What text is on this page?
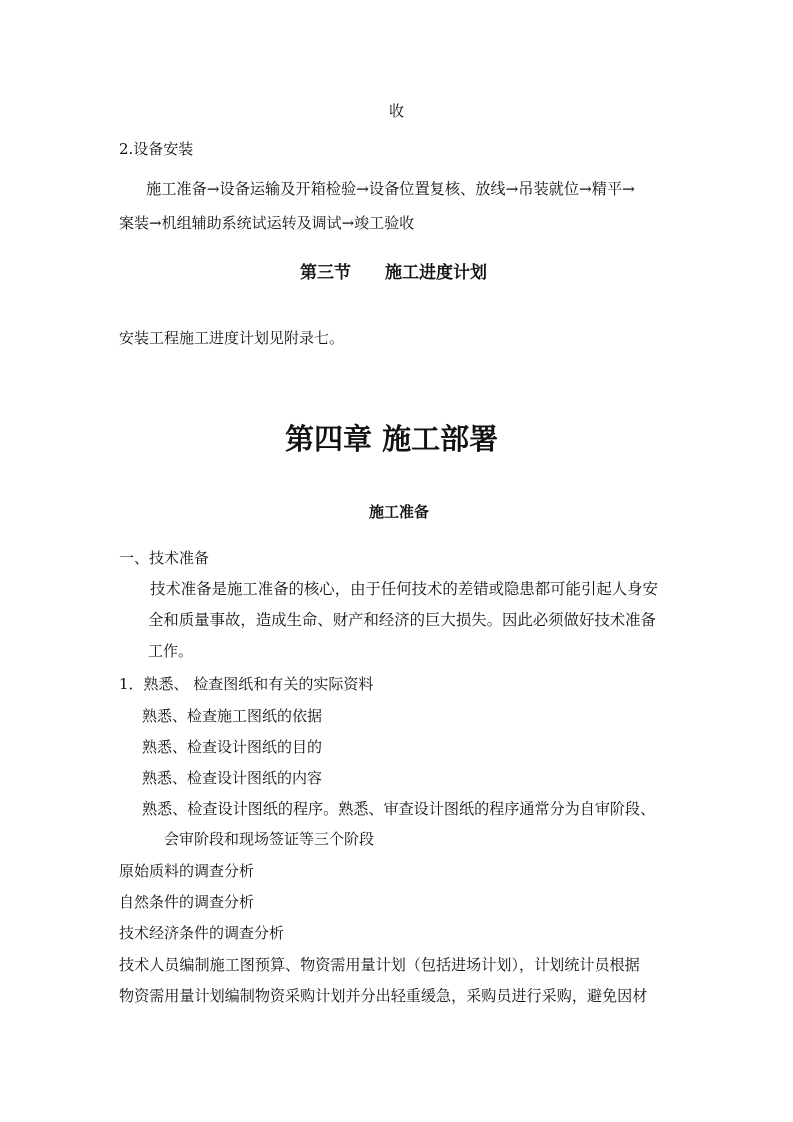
收
2.设备安装
施工准备→设备运输及开箱检验→设备位置复核、放线→吊装就位→精平→
案装→机组辅助系统试运转及调试→竣工验收
第三节　　施工进度计划
安装工程施工进度计划见附录七。
第四章 施工部署
施工准备
一、技术准备
技术准备是施工准备的核心，由于任何技术的差错或隐患都可能引起人身安
全和质量事故，造成生命、财产和经济的巨大损失。因此必须做好技术准备
工作。
1．熟悉、 检查图纸和有关的实际资料
熟悉、检查施工图纸的依据
熟悉、检查设计图纸的目的
熟悉、检查设计图纸的内容
熟悉、检查设计图纸的程序。熟悉、审查设计图纸的程序通常分为自审阶段、
会审阶段和现场签证等三个阶段
原始质料的调查分析
自然条件的调查分析
技术经济条件的调查分析
技术人员编制施工图预算、物资需用量计划（包括进场计划），计划统计员根据
物资需用量计划编制物资采购计划并分出轻重缓急，采购员进行采购，避免因材
